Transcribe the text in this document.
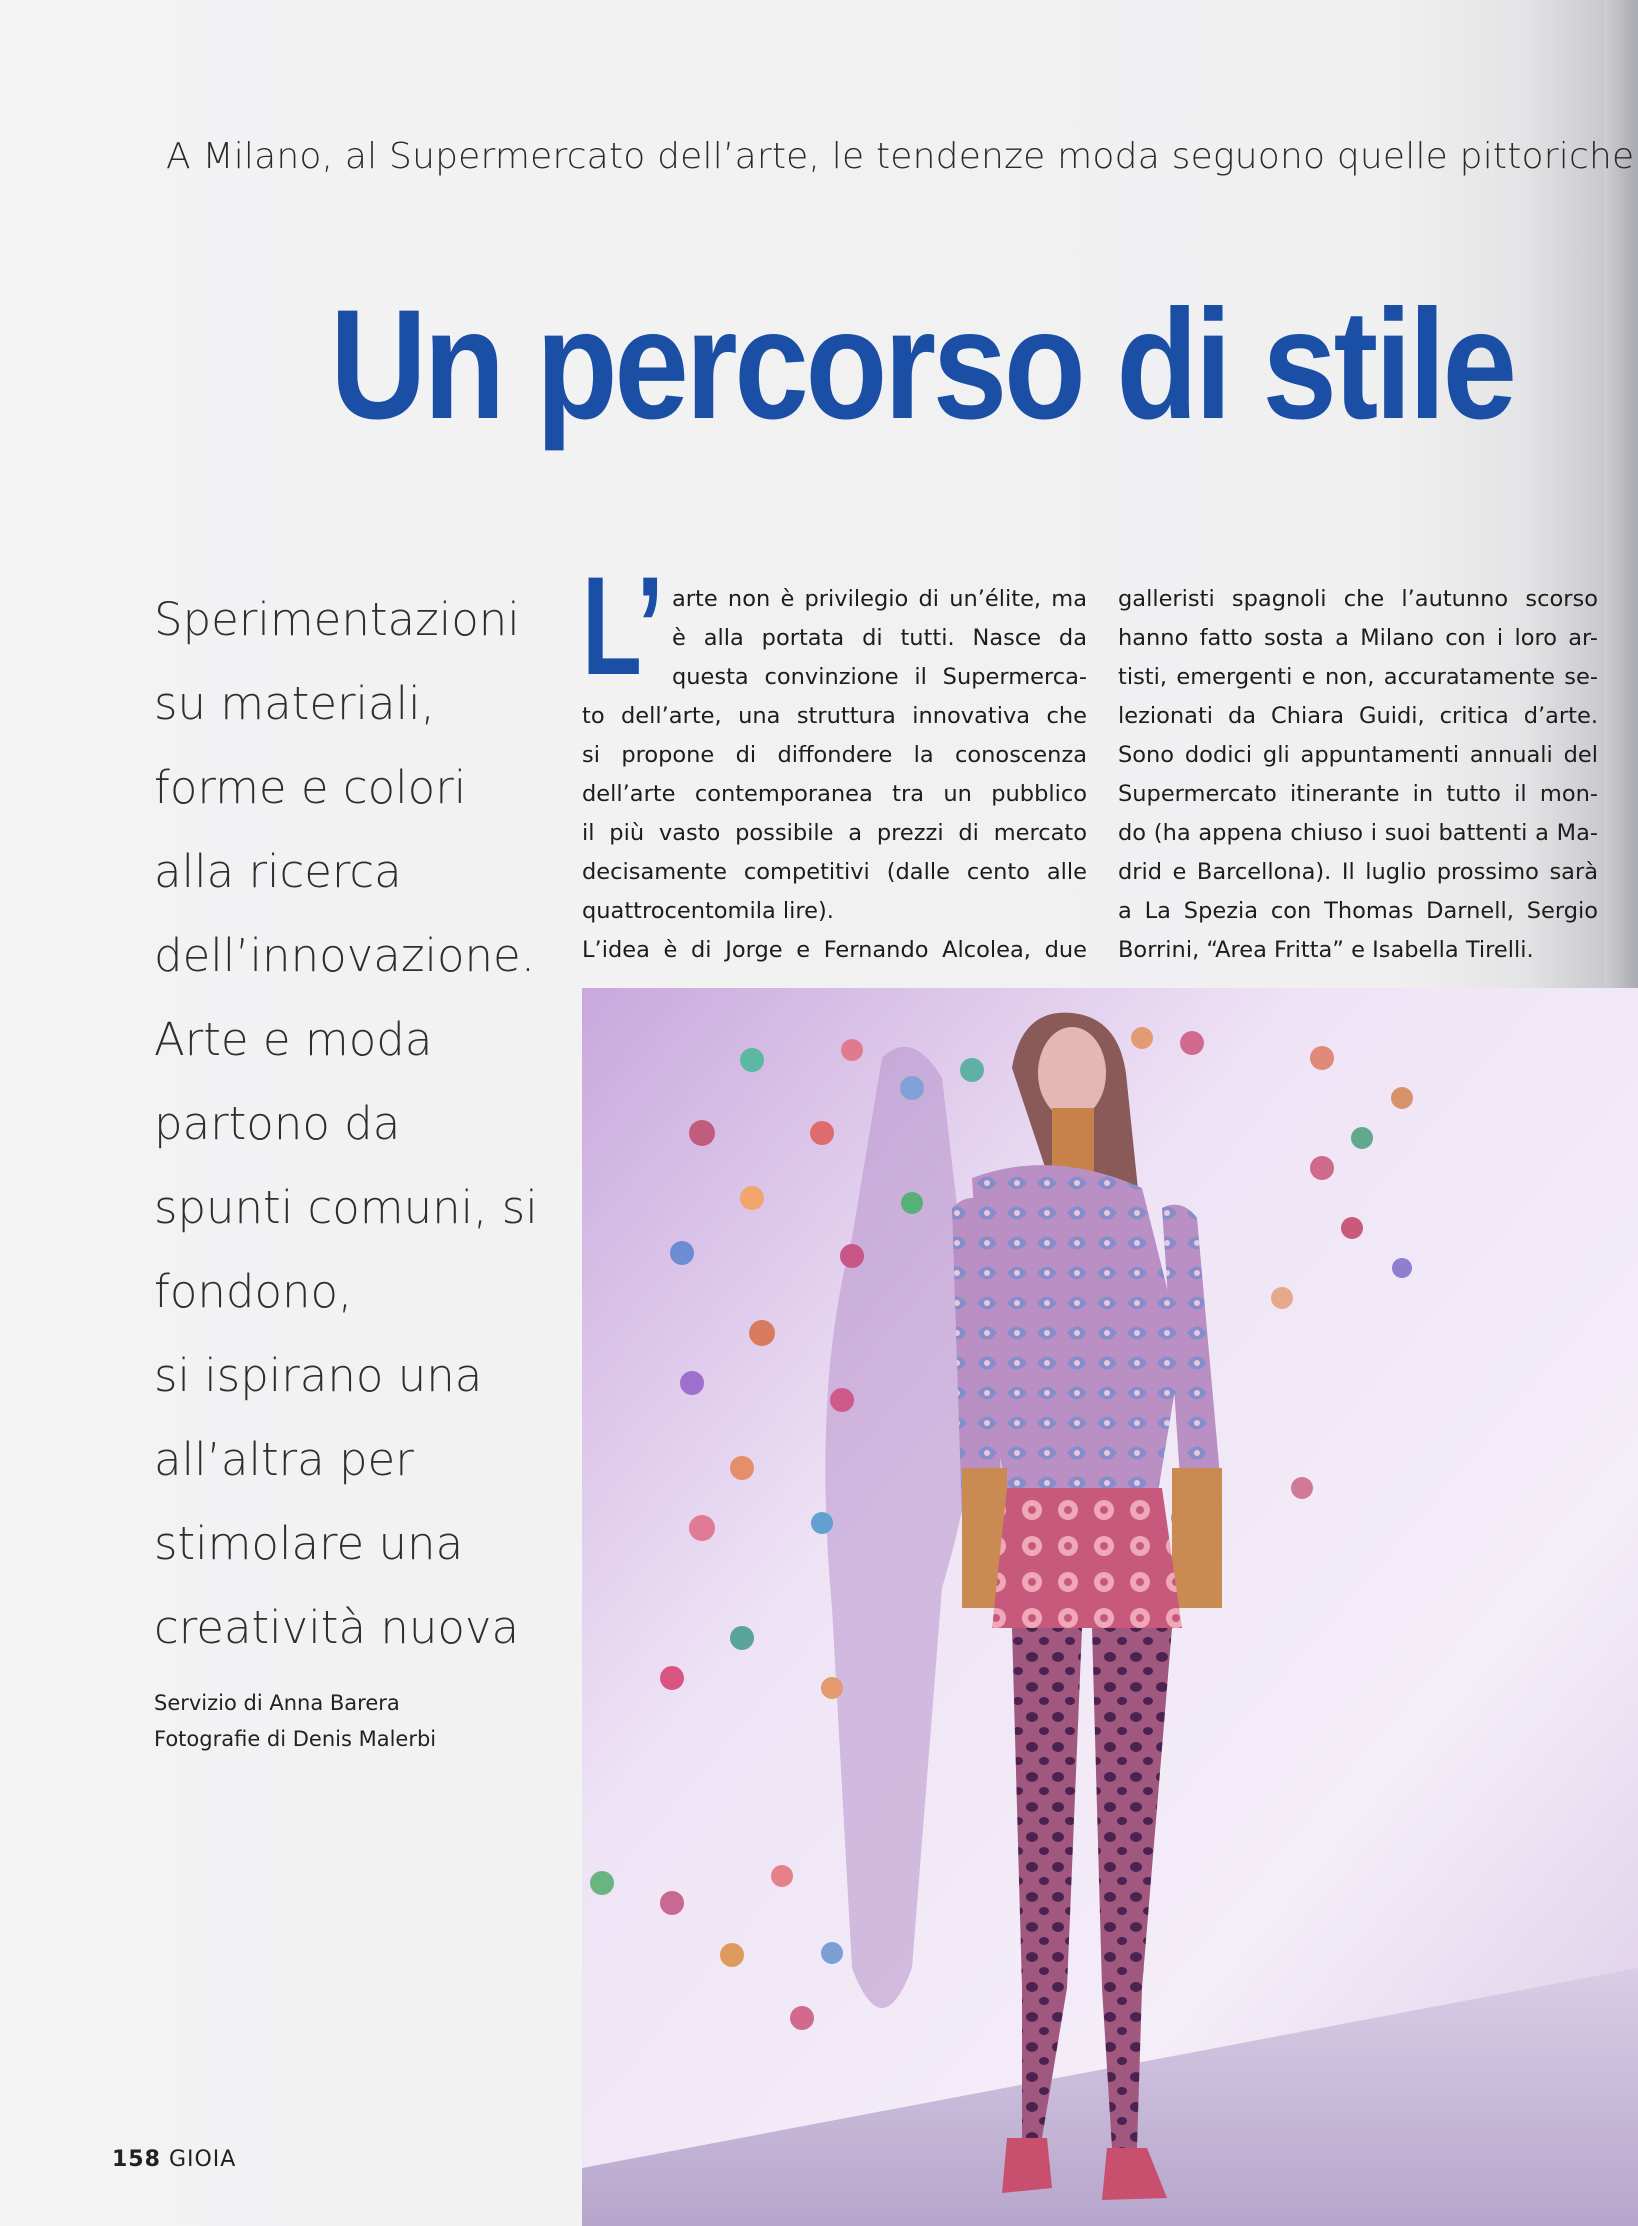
A Milano, al Supermercato dell’arte, le tendenze moda seguono quelle pittoriche
Un percorso di stile
Sperimentazioni
su materiali,
forme e colori
alla ricerca
dell’innovazione.
Arte e moda
partono da
spunti comuni, si
fondono,
si ispirano una
all’altra per
stimolare una
creatività nuova
Servizio di Anna Barera
Fotografie di Denis Malerbi
L’ arte non è privilegio di un’élite, ma
è alla portata di tutti. Nasce da
questa convinzione il Supermerca-
to dell’arte, una struttura innovativa che
si propone di diffondere la conoscenza
dell’arte contemporanea tra un pubblico
il più vasto possibile a prezzi di mercato
decisamente competitivi (dalle cento alle
quattrocentomila lire).
L’idea è di Jorge e Fernando Alcolea, due
galleristi spagnoli che l’autunno scorso
hanno fatto sosta a Milano con i loro ar-
tisti, emergenti e non, accuratamente se-
lezionati da Chiara Guidi, critica d’arte.
Sono dodici gli appuntamenti annuali del
Supermercato itinerante in tutto il mon-
do (ha appena chiuso i suoi battenti a Ma-
drid e Barcellona). Il luglio prossimo sarà
a La Spezia con Thomas Darnell, Sergio
Borrini, “Area Fritta” e Isabella Tirelli.
158 GIOIA
